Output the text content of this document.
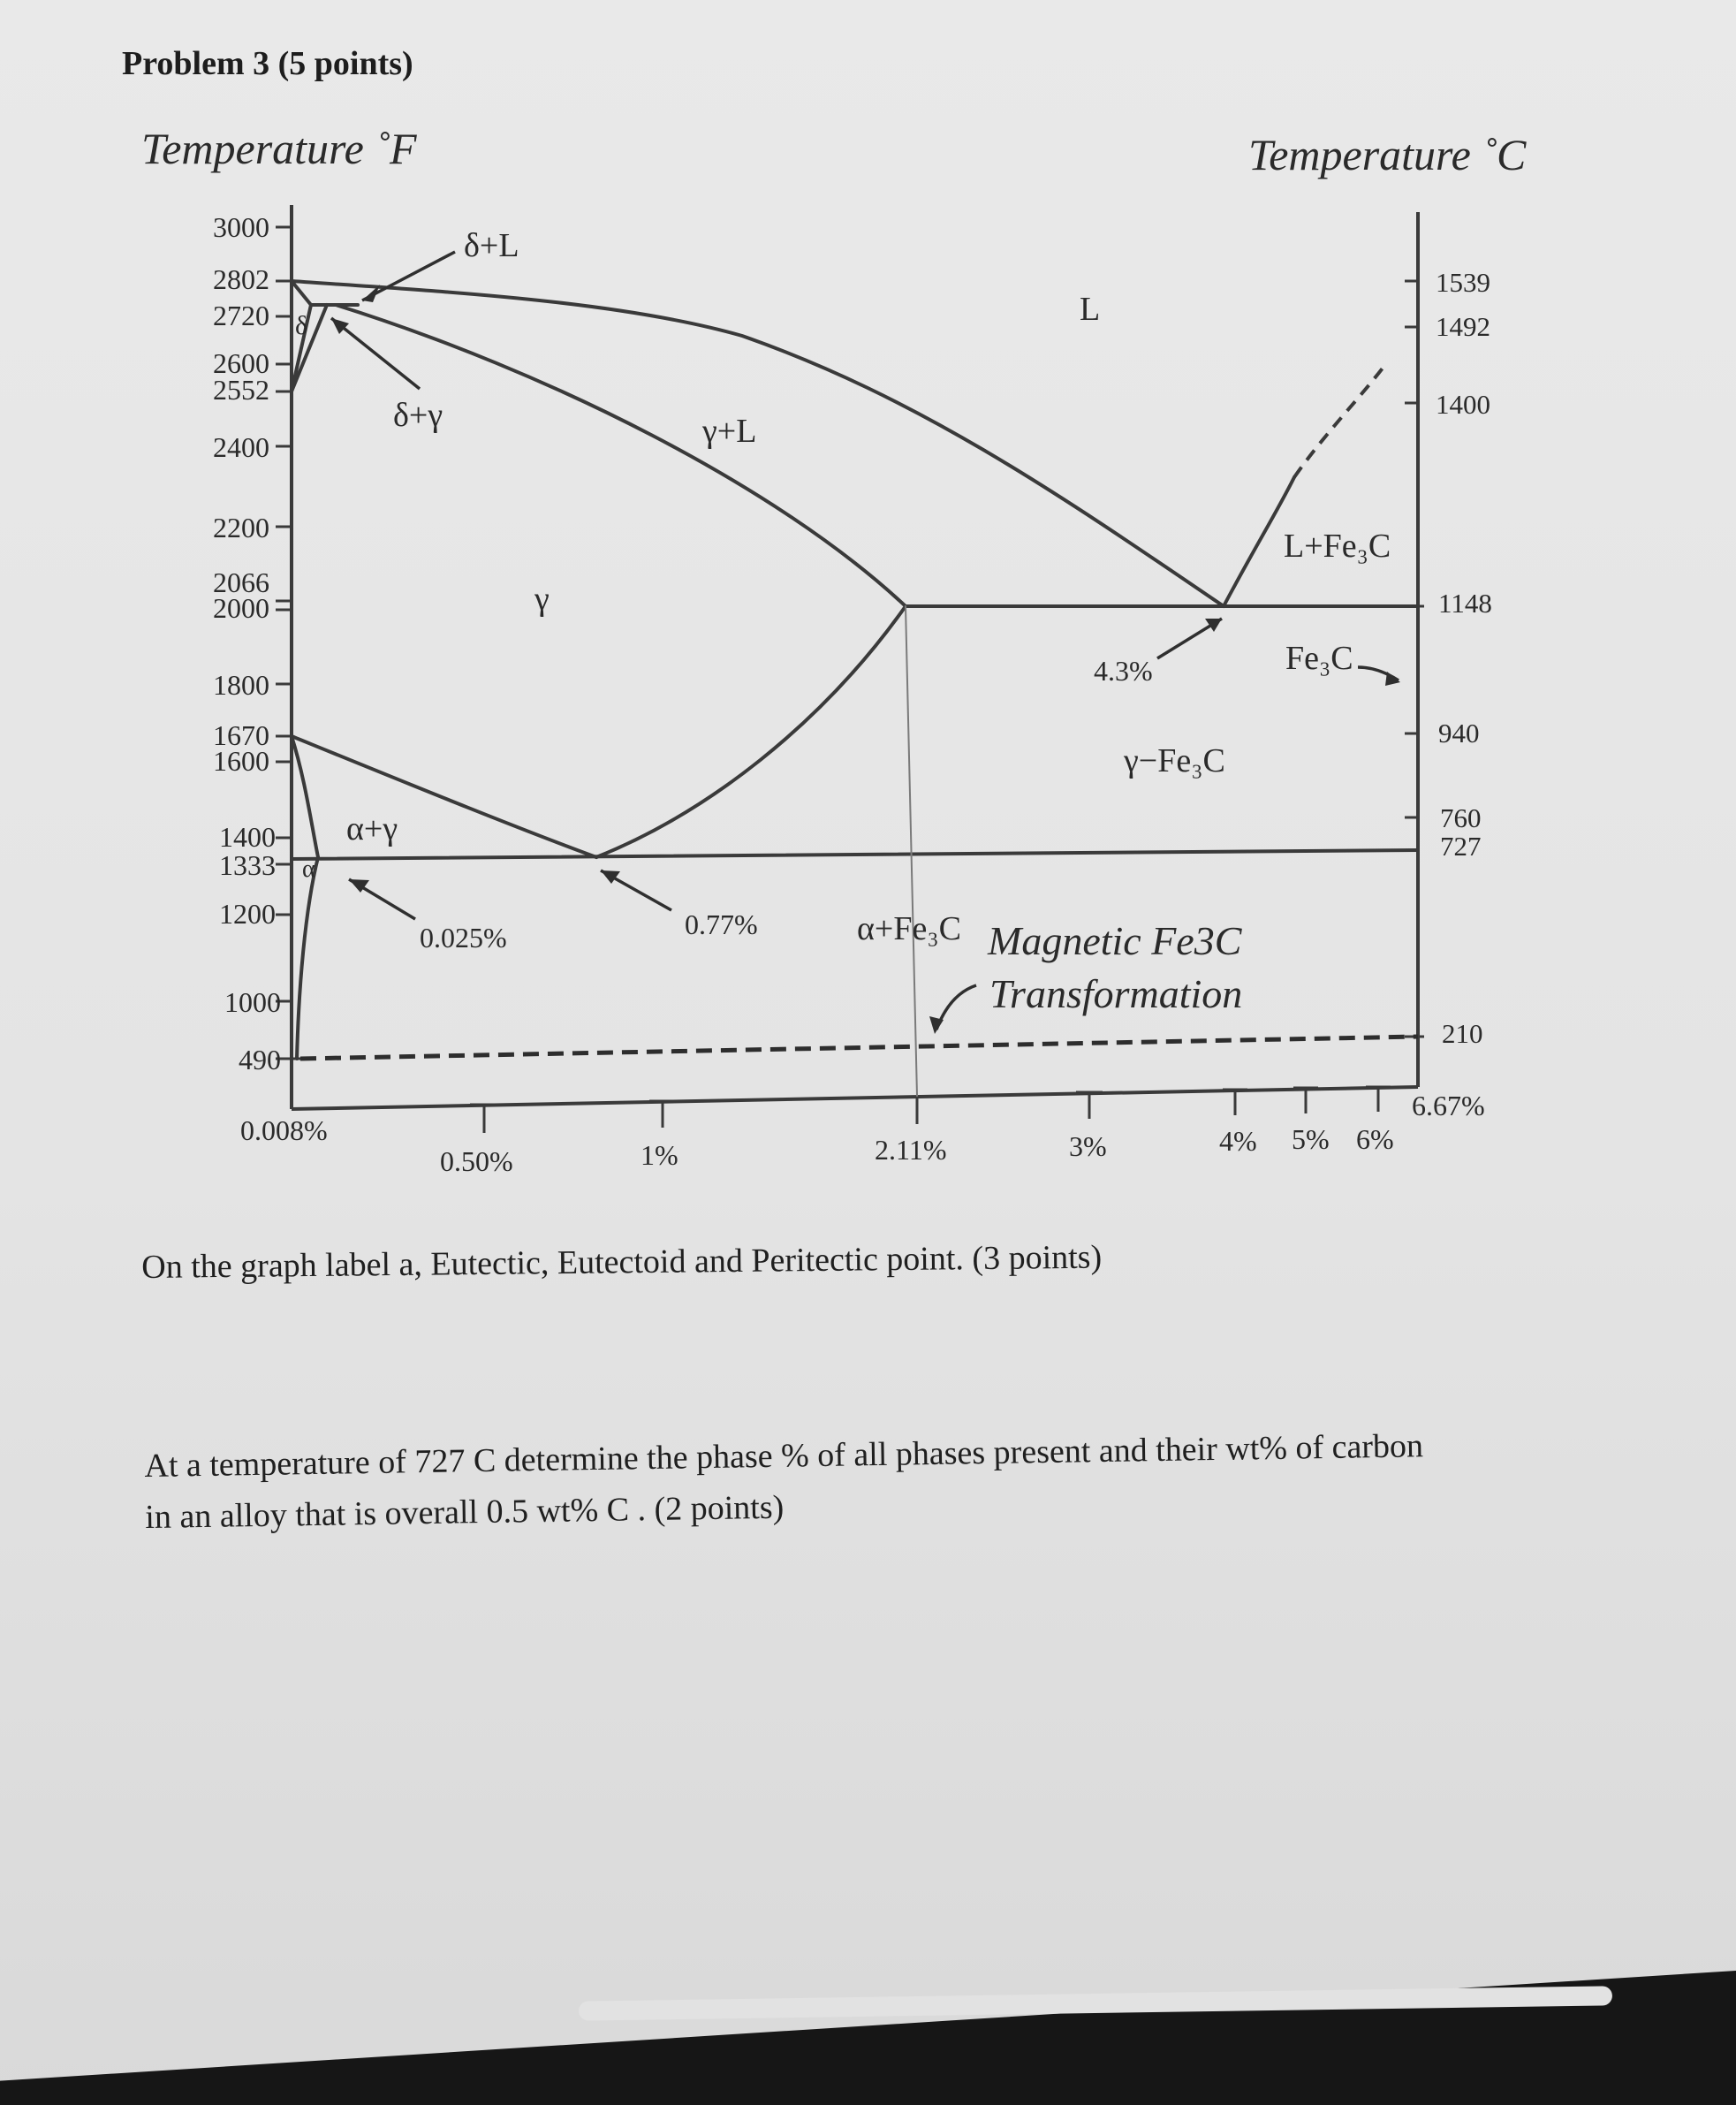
Problem 3 (5 points)
Temperature ˚F	Temperature ˚C
3000
2802
2720
2600
2552
2400
2200
2066
2000
1800
1670
1600
1400
1333
1200
1000
490
1539
1492
1400
1148
940
760
727
210
0.008%
0.50%	1%	2.11%	3%	4% 5% 6%
6.67%
δ+L
δ
δ+γ	γ+L
L
γ
α+γ
α
L+Fe₃C
Fe₃C
γ−Fe₃C
α+Fe₃C
4.3%
0.77%
0.025%	Magnetic Fe3C
Transformation
On the graph label a, Eutectic, Eutectoid and Peritectic point. (3 points)
At a temperature of 727 C determine the phase % of all phases present and their wt% of carbon
in an alloy that is overall 0.5 wt% C . (2 points)
